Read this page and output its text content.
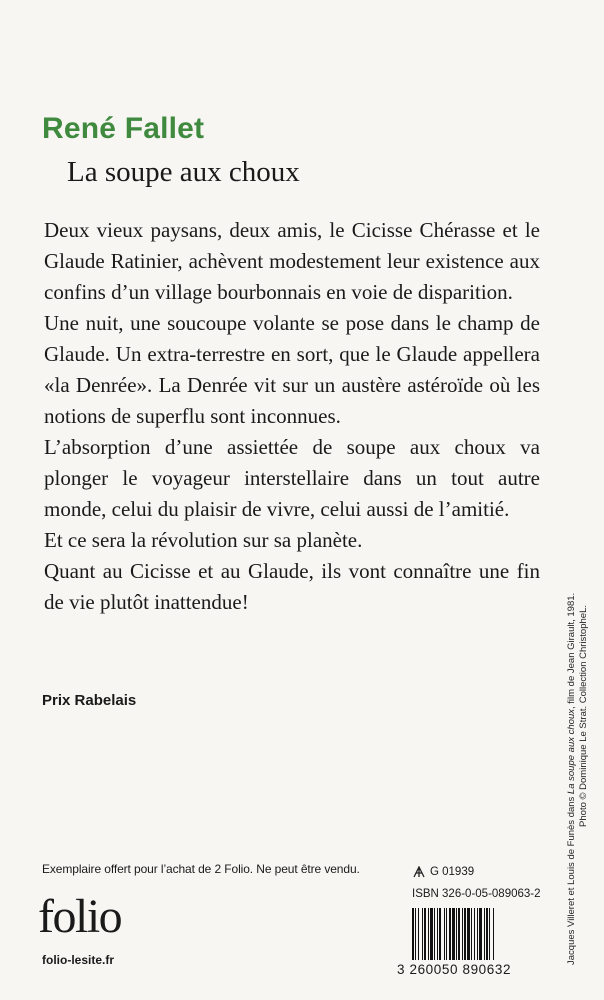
René Fallet
La soupe aux choux

Deux vieux paysans, deux amis, le Cicisse Chérasse et le Glaude Ratinier, achèvent modestement leur existence aux confins d’un village bourbonnais en voie de disparition.

Une nuit, une soucoupe volante se pose dans le champ de Glaude. Un extra-terrestre en sort, que le Glaude appellera «la Denrée». La Denrée vit sur un austère astéroïde où les notions de superflu sont inconnues.

L’absorption d’une assiettée de soupe aux choux va plonger le voyageur interstellaire dans un tout autre monde, celui du plaisir de vivre, celui aussi de l’amitié.

Et ce sera la révolution sur sa planète.

Quant au Cicisse et au Glaude, ils vont connaître une fin de vie plutôt inattendue!

Prix Rabelais
Exemplaire offert pour l’achat de 2 Folio. Ne peut être vendu.
folio
folio-lesite.fr
G 01939
ISBN 326-0-05-089063-2
3 260050 890632
Jacques Villeret et Louis de Funès dans La soupe aux choux, film de Jean Girault, 1981. Photo © Dominique Le Strat. Collection ChristopheL.
